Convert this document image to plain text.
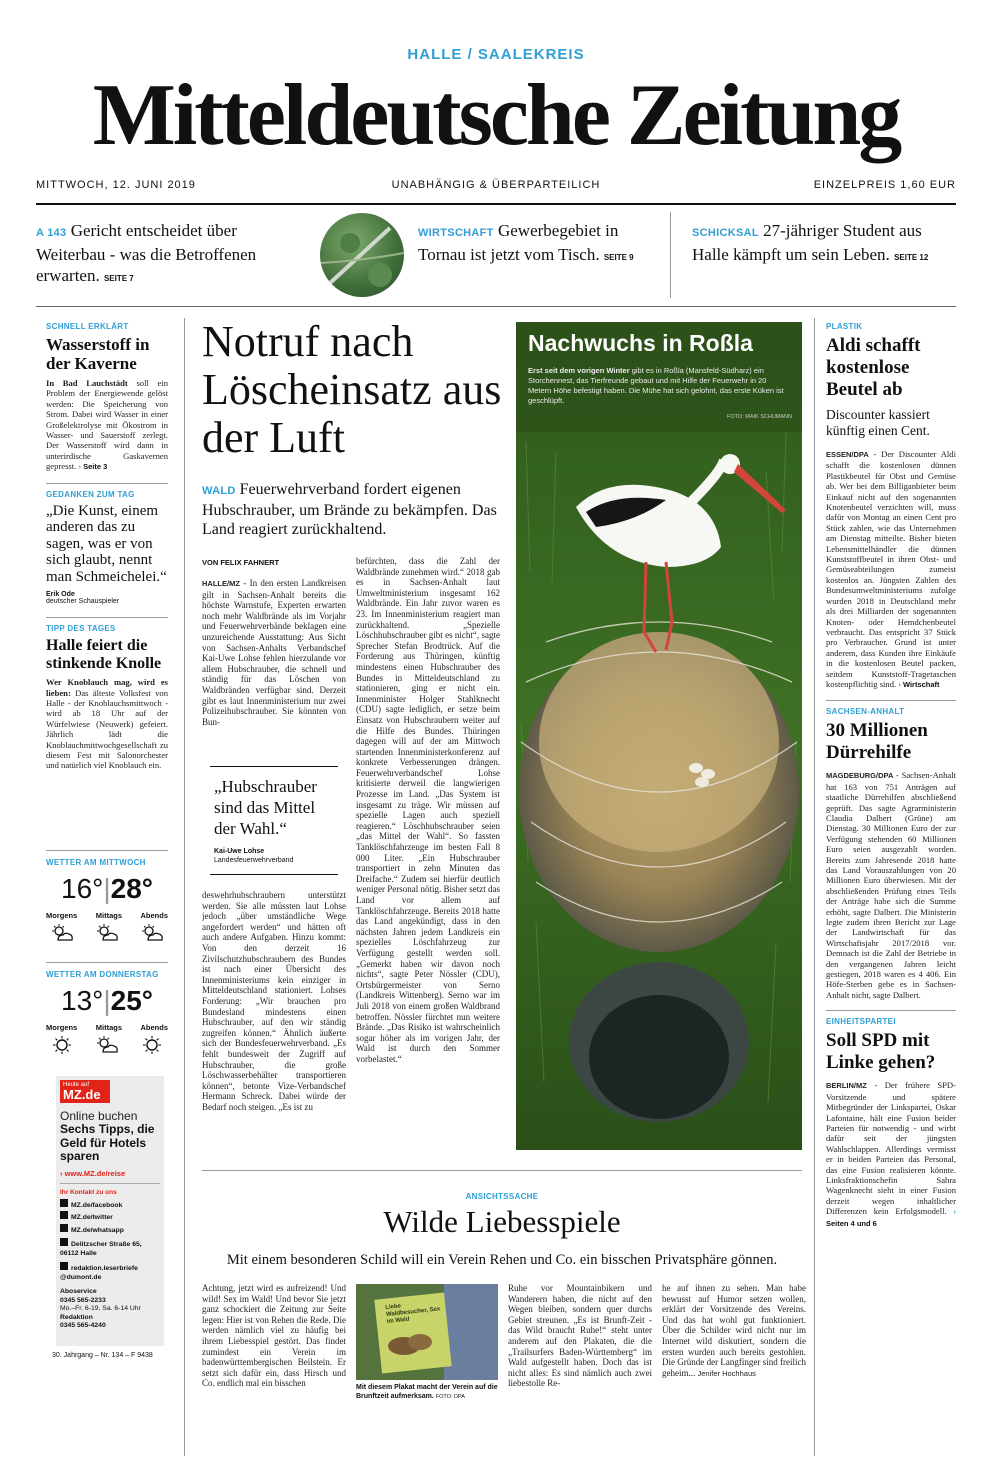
HALLE / SAALEKREIS
Mitteldeutsche Zeitung
MITTWOCH, 12. JUNI 2019	UNABHÄNGIG & ÜBERPARTEILICH	EINZELPREIS 1,60 EUR
A 143 Gericht entscheidet über Weiterbau - was die Betroffenen erwarten. SEITE 7
WIRTSCHAFT Gewerbegebiet in Tornau ist jetzt vom Tisch. SEITE 9
SCHICKSAL 27-jähriger Student aus Halle kämpft um sein Leben. SEITE 12
SCHNELL ERKLÄRT
Wasserstoff in der Kaverne
In Bad Lauchstädt soll ein Problem der Energiewende gelöst werden: Die Speicherung von Strom. Dabei wird Wasser in einer Großelektrolyse mit Ökostrom in Wasser- und Sauerstoff zerlegt. Der Wasserstoff wird dann in unterirdische Gaskavernen gepresst. › Seite 3
GEDANKEN ZUM TAG
„Die Kunst, einem anderen das zu sagen, was er von sich glaubt, nennt man Schmeichelei.“
Erik Ode
deutscher Schauspieler
TIPP DES TAGES
Halle feiert die stinkende Knolle
Wer Knoblauch mag, wird es lieben: Das älteste Volksfest von Halle - der Knoblauchsmittwoch - wird ab 18 Uhr auf der Würfelwiese (Neuwerk) gefeiert. Jährlich lädt die Knoblauchmittwochgesellschaft zu diesem Fest mit Salonorchester und natürlich viel Knoblauch ein.
WETTER AM MITTWOCH
16°|28°
Morgens Mittags Abends
WETTER AM DONNERSTAG
13°|25°
Morgens Mittags Abends
Heute auf
MZ.de
Online buchen
Sechs Tipps, die Geld für Hotels sparen
› www.MZ.de/reise
Ihr Kontakt zu uns
MZ.de/facebook
MZ.de/twitter
MZ.de/whatsapp
Delitzscher Straße 65, 06112 Halle
redaktion.leserbriefe @dumont.de
Aboservice
0345 565-2233
Mo.–Fr. 6-19, Sa. 6-14 Uhr
Redaktion
0345 565-4240
30. Jahrgang – Nr. 134 – F 9438
Notruf nach Löscheinsatz aus der Luft
WALD Feuerwehrverband fordert eigenen Hubschrauber, um Brände zu bekämpfen. Das Land reagiert zurückhaltend.
VON FELIX FAHNERT
HALLE/MZ - In den ersten Landkreisen gilt in Sachsen-Anhalt bereits die höchste Warnstufe, Experten erwarten noch mehr Waldbrände als im Vorjahr und Feuerwehrverbände beklagen eine unzureichende Ausstattung: Aus Sicht von Sachsen-Anhalts Verbandschef Kai-Uwe Lohse fehlen hierzulande vor allem Hubschrauber, die schnell und ständig für das Löschen von Waldbränden verfügbar sind. Derzeit gibt es laut Innenministerium nur zwei Polizeihubschrauber. Sie könnten von Bun-
„Hubschrauber sind das Mittel der Wahl.“
Kai-Uwe Lohse
Landesfeuerwehrverband
deswehrhubschraubern unterstützt werden. Sie alle müssten laut Lohse jedoch „über umständliche Wege angefordert werden“ und hätten oft auch andere Aufgaben. Hinzu kommt: Von den derzeit 16 Zivilschutzhubschraubern des Bundes ist nach einer Übersicht des Innenministeriums kein einziger in Mitteldeutschland stationiert. Lohses Forderung: „Wir brauchen pro Bundesland mindestens einen Hubschrauber, auf den wir ständig zugreifen können.“ Ähnlich äußerte sich der Bundesfeuerwehrverband. „Es fehlt bundesweit der Zugriff auf Hubschrauber, die große Löschwasserbehälter transportieren können“, betonte Vize-Verbandschef Hermann Schreck. Dabei würde der Bedarf noch steigen. „Es ist zu
befürchten, dass die Zahl der Waldbrände zunehmen wird.“ 2018 gab es in Sachsen-Anhalt laut Umweltministerium insgesamt 162 Waldbrände. Ein Jahr zuvor waren es 23. Im Innenministerium reagiert man zurückhaltend. „Spezielle Löschhubschrauber gibt es nicht“, sagte Sprecher Stefan Brodtrück. Auf die Forderung aus Thüringen, künftig mindestens einen Hubschrauber des Bundes in Mitteldeutschland zu stationieren, ging er nicht ein. Innenminister Holger Stahlknecht (CDU) sagte lediglich, er setze beim Einsatz von Hubschraubern weiter auf die Hilfe des Bundes. Thüringen dagegen will auf der am Mittwoch startenden Innenministerkonferenz auf konkrete Verbesserungen drängen. Feuerwehrverbandschef Lohse kritisierte derweil die langwierigen Prozesse im Land. „Das System ist insgesamt zu träge. Wir müssen auf spezielle Lagen auch speziell reagieren.“ Löschhubschrauber seien „das Mittel der Wahl“. So fassten Tanklöschfahrzeuge im besten Fall 8 000 Liter. „Ein Hubschrauber transportiert in zehn Minuten das Dreifache.“ Zudem sei hierfür deutlich weniger Personal nötig. Bisher setzt das Land vor allem auf Tanklöschfahrzeuge. Bereits 2018 hatte das Land angekündigt, dass in den nächsten Jahren jedem Landkreis ein spezielles Löschfahrzeug zur Verfügung gestellt werden soll. „Gemerkt haben wir davon noch nichts“, sagte Peter Nössler (CDU), Ortsbürgermeister von Serno (Landkreis Wittenberg). Serno war im Juli 2018 von einem großen Waldbrand betroffen. Nössler fürchtet nun weitere Brände. „Das Risiko ist wahrscheinlich sogar höher als im vorigen Jahr, der Wald ist durch den Sommer vorbelastet.“
Nachwuchs in Roßla
Erst seit dem vorigen Winter gibt es in Roßla (Mansfeld-Südharz) ein Storchennest, das Tierfreunde gebaut und mit Hilfe der Feuerwehr in 20 Metern Höhe befestigt haben. Die Mühe hat sich gelohnt, das erste Küken ist geschlüpft.
FOTO: MAIK SCHUMANN
PLASTIK
Aldi schafft kostenlose Beutel ab
Discounter kassiert künftig einen Cent.
ESSEN/DPA - Der Discounter Aldi schafft die kostenlosen dünnen Plastikbeutel für Obst und Gemüse ab. Wer bei dem Billiganbieter beim Einkauf nicht auf den sogenannten Knotenbeutel verzichten will, muss dafür von Montag an einen Cent pro Stück zahlen, wie das Unternehmen am Dienstag mitteilte. Bisher bieten Lebensmittelhändler die dünnen Kunststoffbeutel in ihren Obst- und Gemüseabteilungen zumeist kostenlos an. Jüngsten Zahlen des Bundesumweltministeriums zufolge wurden 2018 in Deutschland mehr als drei Milliarden der sogenannten Knoten- oder Hemdchenbeutel verbraucht. Das entspricht 37 Stück pro Verbraucher. Grund ist unter anderem, dass Kunden ihre Einkäufe in die kostenlosen Beutel packen, seitdem Kunststoff-Tragetaschen kostenpflichtig sind. › Wirtschaft
SACHSEN-ANHALT
30 Millionen Dürrehilfe
MAGDEBURG/DPA - Sachsen-Anhalt hat 163 von 751 Anträgen auf staatliche Dürrehilfen abschließend geprüft. Das sagte Agrarministerin Claudia Dalbert (Grüne) am Dienstag. 30 Millionen Euro der zur Verfügung stehenden 60 Millionen Euro seien ausgezahlt worden. Bereits zum Jahresende 2018 hatte das Land Vorauszahlungen von 20 Millionen Euro überwiesen. Mit der abschließenden Prüfung eines Teils der Anträge habe sich die Summe erhöht, sagte Dalbert. Die Ministerin legte zudem ihren Bericht zur Lage der Landwirtschaft für das Wirtschaftsjahr 2017/2018 vor. Demnach ist die Zahl der Betriebe in den vergangenen Jahren leicht gestiegen, 2018 waren es 4 406. Ein Höfe-Sterben gebe es in Sachsen-Anhalt nicht, sagte Dalbert.
EINHEITSPARTEI
Soll SPD mit Linke gehen?
BERLIN/MZ - Der frühere SPD-Vorsitzende und spätere Mitbegründer der Linkspartei, Oskar Lafontaine, hält eine Fusion beider Parteien für notwendig - und wirbt dafür seit der jüngsten Wahlschlappen. Allerdings vermisst er in beiden Parteien das Personal, das eine Fusion realisieren könnte. Linksfraktionschefin Sahra Wagenknecht sieht in einer Fusion derzeit wegen inhaltlicher Differenzen kein Erfolgsmodell. › Seiten 4 und 6
ANSICHTSSACHE
Wilde Liebesspiele
Mit einem besonderen Schild will ein Verein Rehen und Co. ein bisschen Privatsphäre gönnen.
Achtung, jetzt wird es aufreizend! Und wild! Sex im Wald! Und bevor Sie jetzt ganz schockiert die Zeitung zur Seite legen: Hier ist von Rehen die Rede. Die werden nämlich viel zu häufig bei ihrem Liebesspiel gestört. Das findet zumindest ein Verein im badenwürttembergischen Beilstein. Er setzt sich dafür ein, dass Hirsch und Co. endlich mal ein bisschen
Liebe Waldbesucher, Sex im Wald
Mit diesem Plakat macht der Verein auf die Brunftzeit aufmerksam. FOTO: DPA
Ruhe vor Mountainbikern und Wanderern haben, die nicht auf den Wegen bleiben, sondern quer durchs Gebiet streunen. „Es ist Brunft-Zeit - das Wild braucht Ruhe!“ steht unter anderem auf den Plakaten, die die „Trailsurfers Baden-Württemberg“ im Wald aufgestellt haben. Doch das ist nicht alles: Es sind nämlich auch zwei liebestolle Re-
he auf ihnen zu sehen. Man habe bewusst auf Humor setzen wollen, erklärt der Vorsitzende des Vereins. Und das hat wohl gut funktioniert. Über die Schilder wird nicht nur im Internet wild diskutiert, sondern die ersten wurden auch bereits gestohlen. Die Gründe der Langfinger sind freilich geheim... Jenifer Hochhaus
